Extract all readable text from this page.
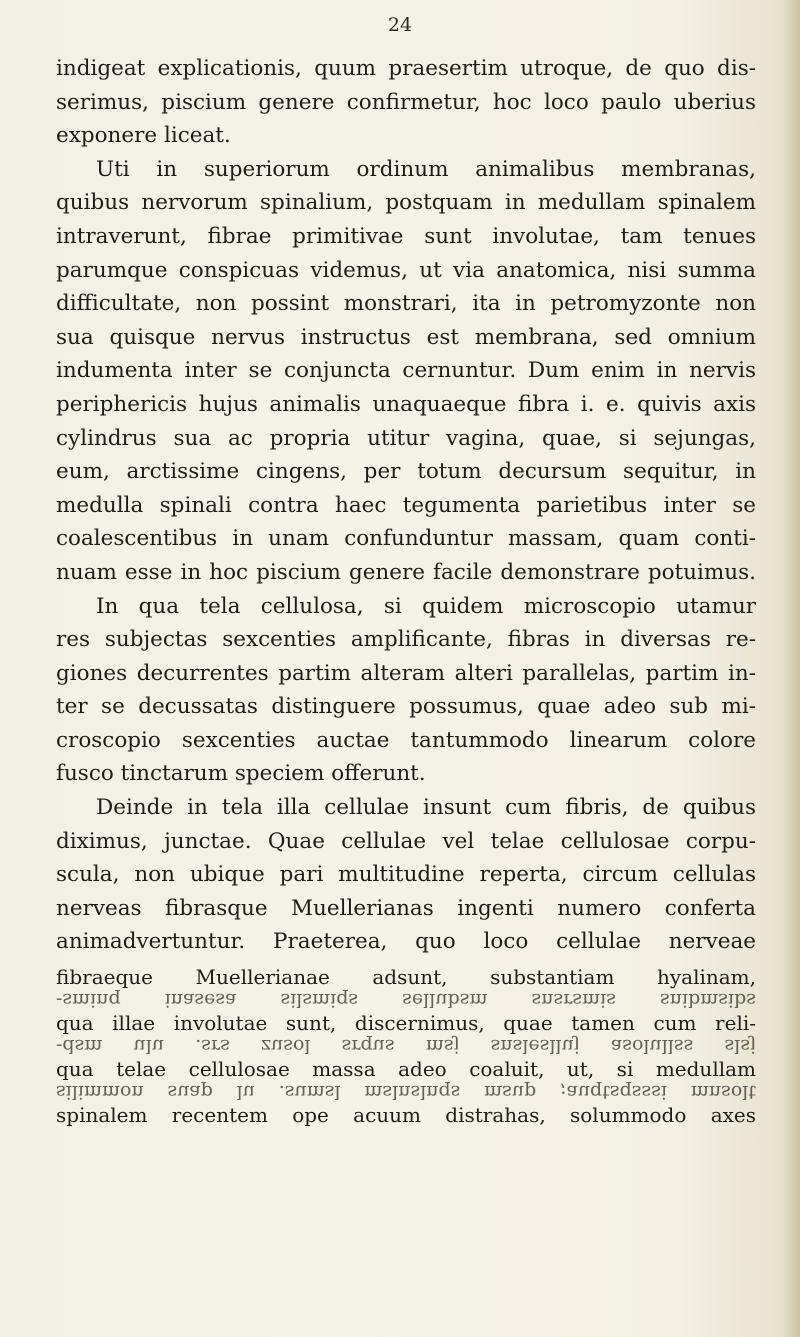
24
indigeat explicationis, quum praesertim utroque, de quo dis-
serimus, piscium genere confirmetur, hoc loco paulo uberius
exponere liceat.
Uti in superiorum ordinum animalibus membranas,
quibus nervorum spinalium, postquam in medullam spinalem
intraverunt, fibrae primitivae sunt involutae, tam tenues
parumque conspicuas videmus, ut via anatomica, nisi summa
difficultate, non possint monstrari, ita in petromyzonte non
sua quisque nervus instructus est membrana, sed omnium
indumenta inter se conjuncta cernuntur. Dum enim in nervis
periphericis hujus animalis unaquaeque fibra i. e. quivis axis
cylindrus sua ac propria utitur vagina, quae, si sejungas,
eum, arctissime cingens, per totum decursum sequitur, in
medulla spinali contra haec tegumenta parietibus inter se
coalescentibus in unam confunduntur massam, quam conti-
nuam esse in hoc piscium genere facile demonstrare potuimus.
In qua tela cellulosa, si quidem microscopio utamur
res subjectas sexcenties amplificante, fibras in diversas re-
giones decurrentes partim alteram alteri parallelas, partim in-
ter se decussatas distinguere possumus, quae adeo sub mi-
croscopio sexcenties auctae tantummodo linearum colore
fusco tinctarum speciem offerunt.
Deinde in tela illa cellulae insunt cum fibris, de quibus
diximus, junctae. Quae cellulae vel telae cellulosae corpu-
scula, non ubique pari multitudine reperta, circum cellulas
nerveas fibrasque Muellerianas ingenti numero conferta
animadvertuntur. Praeterea, quo loco cellulae nerveae
fibraeque Muellerianae adsunt, substantiam hyalinam,
-sminq inasesa silsmiqs sellubsm snsrsmis snibmsibs
qua illae involutae sunt, discernimus, quae tamen cum reli-
-dsm ulu .srs zusol srqus msj snsleslluj asolullss slsj
qua telae cellulosae massa adeo coaluit, ut, si medullam
silimmon suap lu .sumsl mslnslnqs msup ;auqtsqsssi mnsolt
spinalem recentem ope acuum distrahas, solummodo axes
